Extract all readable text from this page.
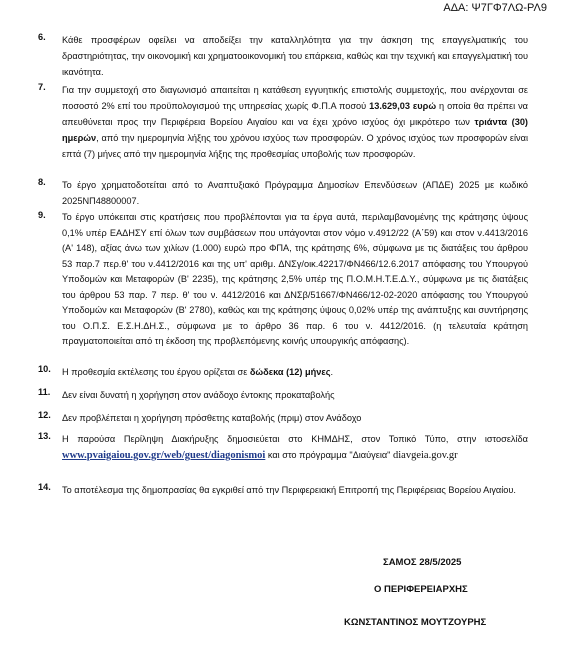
ΑΔΑ: Ψ7ΓΦ7ΛΩ-ΡΛ9
6. Κάθε προσφέρων οφείλει να αποδείξει την καταλληλότητα για την άσκηση της επαγγελματικής του δραστηριότητας, την οικονομική και χρηματοοικονομική του επάρκεια, καθώς και την τεχνική και επαγγελματική του ικανότητα.
7. Για την συμμετοχή στο διαγωνισμό απαιτείται η κατάθεση εγγυητικής επιστολής συμμετοχής, που ανέρχονται σε ποσοστό 2% επί του προϋπολογισμού της υπηρεσίας χωρίς Φ.Π.Α ποσού 13.629,03 ευρώ η οποία θα πρέπει να απευθύνεται προς την Περιφέρεια Βορείου Αιγαίου και να έχει χρόνο ισχύος όχι μικρότερο των τριάντα (30) ημερών, από την ημερομηνία λήξης του χρόνου ισχύος των προσφορών. Ο χρόνος ισχύος των προσφορών είναι επτά (7) μήνες από την ημερομηνία λήξης της προθεσμίας υποβολής των προσφορών.
8. Το έργο χρηματοδοτείται από το Αναπτυξιακό Πρόγραμμα Δημοσίων Επενδύσεων (ΑΠΔΕ) 2025 με κωδικό 2025ΝΠ48800007.
9. Το έργο υπόκειται στις κρατήσεις που προβλέπονται για τα έργα αυτά, περιλαμβανομένης της κράτησης ύψους 0,1% υπέρ ΕΑΔΗΣΥ επί όλων των συμβάσεων που υπάγονται στον νόμο ν.4912/22 (Α΄59) και στον ν.4413/2016 (Α' 148), αξίας άνω των χιλίων (1.000) ευρώ προ ΦΠΑ, της κράτησης 6%, σύμφωνα με τις διατάξεις του άρθρου 53 παρ.7 περ.θ' του ν.4412/2016 και της υπ' αριθμ. ΔΝΣγ/οικ.42217/ΦΝ466/12.6.2017 απόφασης του Υπουργού Υποδομών και Μεταφορών (Β' 2235), της κράτησης 2,5% υπέρ της Π.Ο.Μ.Η.Τ.Ε.Δ.Υ., σύμφωνα με τις διατάξεις του άρθρου 53 παρ. 7 περ. θ' του ν. 4412/2016 και ΔΝΣβ/51667/ΦΝ466/12-02-2020 απόφασης του Υπουργού Υποδομών και Μεταφορών (Β' 2780), καθώς και της κράτησης ύψους 0,02% υπέρ της ανάπτυξης και συντήρησης του Ο.Π.Σ. Ε.Σ.Η.ΔΗ.Σ., σύμφωνα με το άρθρο 36 παρ. 6 του ν. 4412/2016. (η τελευταία κράτηση πραγματοποιείται από τη έκδοση της προβλεπόμενης κοινής υπουργικής απόφασης).
10. Η προθεσμία εκτέλεσης του έργου ορίζεται σε δώδεκα (12) μήνες.
11. Δεν είναι δυνατή η χορήγηση στον ανάδοχο έντοκης προκαταβολής
12. Δεν προβλέπεται η χορήγηση πρόσθετης καταβολής (πριμ) στον Ανάδοχο
13. Η παρούσα Περίληψη Διακήρυξης δημοσιεύεται στο ΚΗΜΔΗΣ, στον Τοπικό Τύπο, στην ιστοσελίδα www.pvaigaiou.gov.gr/web/guest/diagonismoi και στο πρόγραμμα "Διαύγεια" diavgeia.gov.gr
14. Το αποτέλεσμα της δημοπρασίας θα εγκριθεί από την Περιφερειακή Επιτροπή της Περιφέρειας Βορείου Αιγαίου.
ΣΑΜΟΣ 28/5/2025
Ο ΠΕΡΙΦΕΡΕΙΑΡΧΗΣ
ΚΩΝΣΤΑΝΤΙΝΟΣ ΜΟΥΤΖΟΥΡΗΣ
